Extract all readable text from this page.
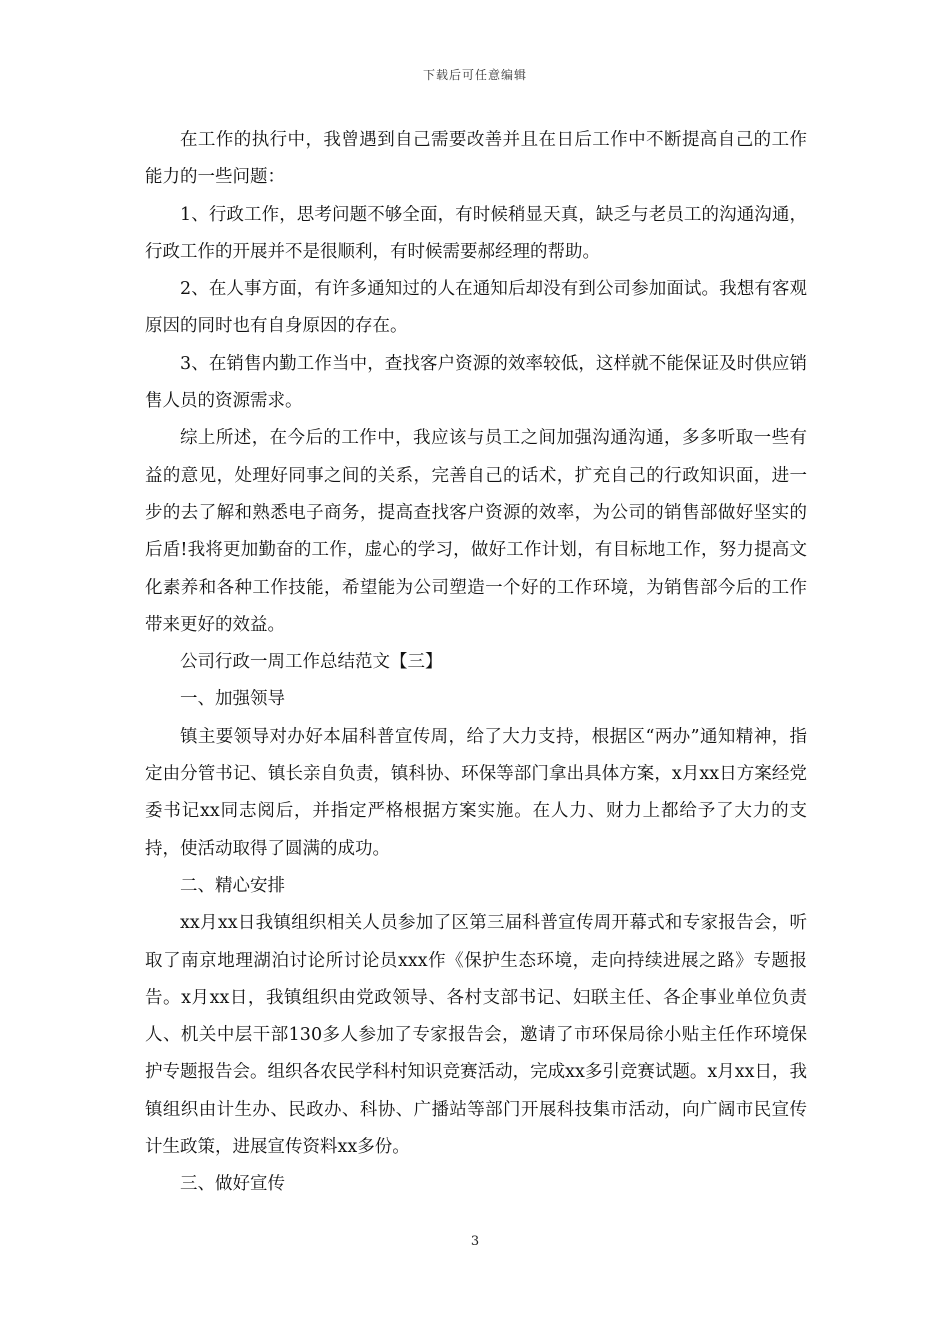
下载后可任意编辑

在工作的执行中，我曾遇到自己需要改善并且在日后工作中不断提高自己的工作能力的一些问题：

1、行政工作，思考问题不够全面，有时候稍显天真，缺乏与老员工的沟通沟通，行政工作的开展并不是很顺利，有时候需要郝经理的帮助。

2、在人事方面，有许多通知过的人在通知后却没有到公司参加面试。我想有客观原因的同时也有自身原因的存在。

3、在销售内勤工作当中，查找客户资源的效率较低，这样就不能保证及时供应销售人员的资源需求。

综上所述，在今后的工作中，我应该与员工之间加强沟通沟通，多多听取一些有益的意见，处理好同事之间的关系，完善自己的话术，扩充自己的行政知识面，进一步的去了解和熟悉电子商务，提高查找客户资源的效率，为公司的销售部做好坚实的后盾!我将更加勤奋的工作，虚心的学习，做好工作计划，有目标地工作，努力提高文化素养和各种工作技能，希望能为公司塑造一个好的工作环境，为销售部今后的工作带来更好的效益。

公司行政一周工作总结范文【三】

一、加强领导

镇主要领导对办好本届科普宣传周，给了大力支持，根据区“两办”通知精神，指定由分管书记、镇长亲自负责，镇科协、环保等部门拿出具体方案，x月xx日方案经党委书记xx同志阅后，并指定严格根据方案实施。在人力、财力上都给予了大力的支持，使活动取得了圆满的成功。

二、精心安排

xx月xx日我镇组织相关人员参加了区第三届科普宣传周开幕式和专家报告会，听取了南京地理湖泊讨论所讨论员xxx作《保护生态环境，走向持续进展之路》专题报告。x月xx日，我镇组织由党政领导、各村支部书记、妇联主任、各企事业单位负责人、机关中层干部130多人参加了专家报告会，邀请了市环保局徐小贴主任作环境保护专题报告会。组织各农民学科村知识竞赛活动，完成xx多引竞赛试题。x月xx日，我镇组织由计生办、民政办、科协、广播站等部门开展科技集市活动，向广阔市民宣传计生政策，进展宣传资料xx多份。

三、做好宣传

3
